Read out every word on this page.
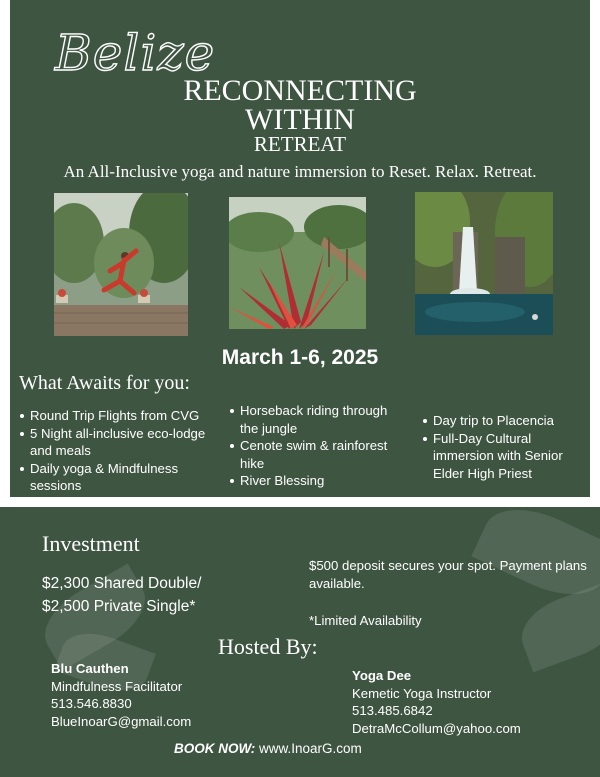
Belize
RECONNECTING
WITHIN
RETREAT
An All-Inclusive yoga and nature immersion to Reset. Relax. Retreat.
March 1-6, 2025
What Awaits for you:
Round Trip Flights from CVG
5 Night all-inclusive eco-lodge and meals
Daily yoga & Mindfulness sessions
Horseback riding through the jungle
Cenote swim & rainforest hike
River Blessing
Day trip to Placencia
Full-Day Cultural immersion with Senior Elder High Priest
Investment
$2,300 Shared Double/
$2,500 Private Single*
$500 deposit secures your spot. Payment plans available.
*Limited Availability
Hosted By:
Blu Cauthen
Mindfulness Facilitator
513.546.8830
BlueInoarG@gmail.com
Yoga Dee
Kemetic Yoga Instructor
513.485.6842
DetraMcCollum@yahoo.com
BOOK NOW: www.InoarG.com
